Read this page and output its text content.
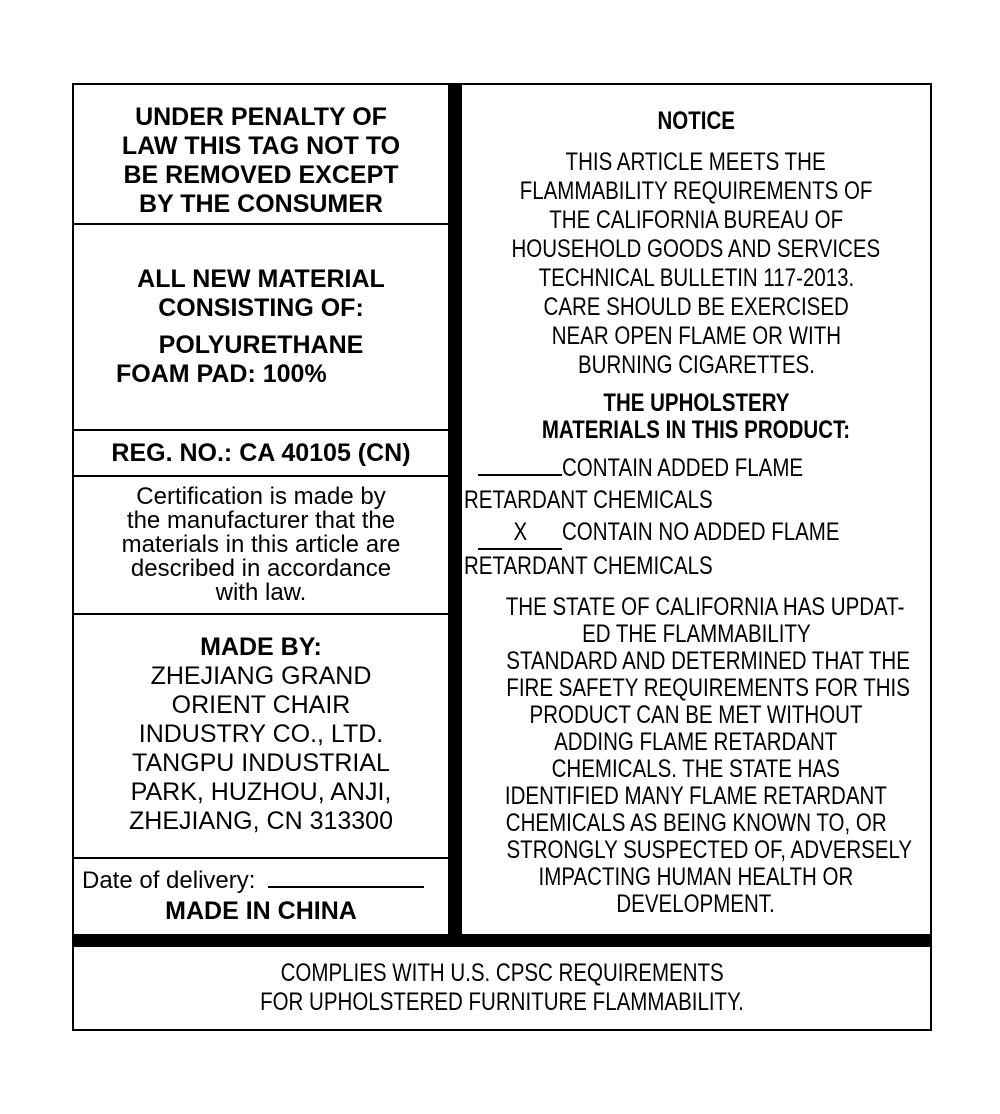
UNDER PENALTY OF
LAW THIS TAG NOT TO
BE REMOVED EXCEPT
BY THE CONSUMER
ALL NEW MATERIAL
CONSISTING OF:
POLYURETHANE
FOAM PAD: 100%
REG. NO.: CA 40105 (CN)
Certification is made by
the manufacturer that the
materials in this article are
described in accordance
with law.
MADE BY:
ZHEJIANG GRAND
ORIENT CHAIR
INDUSTRY CO., LTD.
TANGPU INDUSTRIAL
PARK, HUZHOU, ANJI,
ZHEJIANG, CN 313300
Date of delivery:
MADE IN CHINA
NOTICE
THIS ARTICLE MEETS THE
FLAMMABILITY REQUIREMENTS OF
THE CALIFORNIA BUREAU OF
HOUSEHOLD GOODS AND SERVICES
TECHNICAL BULLETIN 117-2013.
CARE SHOULD BE EXERCISED
NEAR OPEN FLAME OR WITH
BURNING CIGARETTES.
THE UPHOLSTERY
MATERIALS IN THIS PRODUCT:
CONTAIN ADDED FLAME
RETARDANT CHEMICALS
X CONTAIN NO ADDED FLAME
RETARDANT CHEMICALS
THE STATE OF CALIFORNIA HAS UPDAT-
ED THE FLAMMABILITY
STANDARD AND DETERMINED THAT THE
FIRE SAFETY REQUIREMENTS FOR THIS
PRODUCT CAN BE MET WITHOUT
ADDING FLAME RETARDANT
CHEMICALS. THE STATE HAS
IDENTIFIED MANY FLAME RETARDANT
CHEMICALS AS BEING KNOWN TO, OR
STRONGLY SUSPECTED OF, ADVERSELY
IMPACTING HUMAN HEALTH OR
DEVELOPMENT.
COMPLIES WITH U.S. CPSC REQUIREMENTS
FOR UPHOLSTERED FURNITURE FLAMMABILITY.
